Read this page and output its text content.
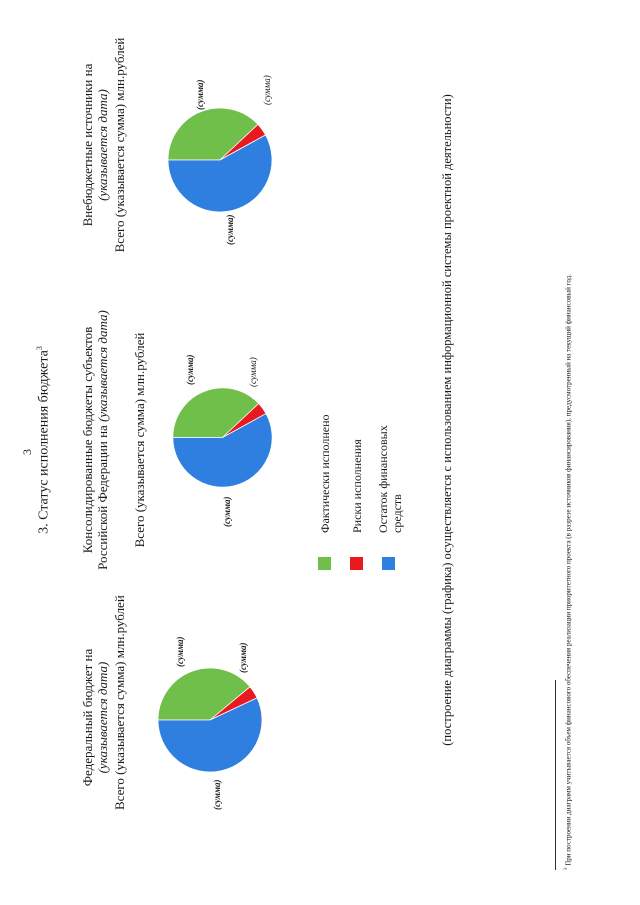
3 3. Статус исполнения бюджета$^3$
Федеральный бюджет на (указывается дата) Всего (указывается сумма) млн.рублей	(сумма)	(сумма)
(сумма)
Консолидированные бюджеты субъектов Российской Федерации на (указывается дата) Всего (указывается сумма) млн.рублей	(сумма)	(сумма)
(сумма)
Внебюджетные источники на (указывается дата) Всего (указывается сумма) млн.рублей	(сумма)	(сумма)
(сумма)
Фактически исполнено Риски исполнения Остаток финансовых средств	(построение диаграммы (графика) осуществляется с использованием информационной системы проектной деятельности)
$^3$ При построении диаграмм учитывается объем финансового обеспечения реализации приоритетного проекта (в разрезе источников финансирования), предусмотренный на текущий финансовый год.
